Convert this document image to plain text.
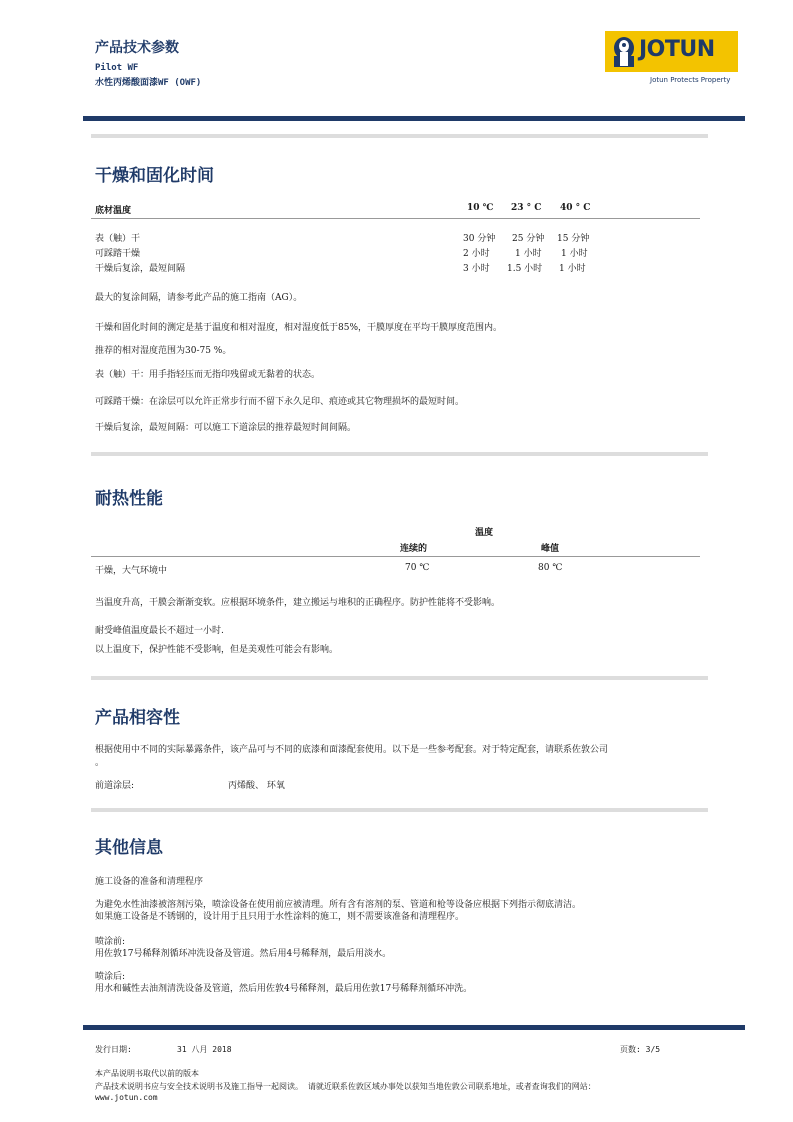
产品技术参数
Pilot WF
水性丙烯酸面漆WF (OWF)
JOTUN
Jotun Protects Property
干燥和固化时间
底材温度	10 ℃ 23 ° C 40 ° C
表（触）干	30 分钟 25 分钟 15 分钟
可踩踏干燥	2 小时	1 小时 1 小时
干燥后复涂，最短间隔	3 小时 1.5 小时 1 小时
最大的复涂间隔，请参考此产品的施工指南（AG）。
干燥和固化时间的测定是基于温度和相对湿度，相对湿度低于85%，干膜厚度在平均干膜厚度范围内。
推荐的相对湿度范围为30-75 %。
表（触）干：用手指轻压而无指印残留或无黏着的状态。
可踩踏干燥：在涂层可以允许正常步行而不留下永久足印、痕迹或其它物理损坏的最短时间。
干燥后复涂，最短间隔：可以施工下道涂层的推荐最短时间间隔。
耐热性能
温度
连续的	峰值
干燥，大气环境中	70 ℃	80 ℃
当温度升高，干膜会渐渐变软。应根据环境条件，建立搬运与堆积的正确程序。防护性能将不受影响。
耐受峰值温度最长不超过一小时.
以上温度下，保护性能不受影响，但是美观性可能会有影响。
产品相容性
根据使用中不同的实际暴露条件，该产品可与不同的底漆和面漆配套使用。以下是一些参考配套。对于特定配套，请联系佐敦公司
。
前道涂层:	丙烯酸、 环氧
其他信息
施工设备的准备和清理程序
为避免水性油漆被溶剂污染，喷涂设备在使用前应被清理。所有含有溶剂的泵、管道和枪等设备应根据下列指示彻底清洁。
如果施工设备是不锈钢的，设计用于且只用于水性涂料的施工，则不需要该准备和清理程序。
喷涂前:
用佐敦17号稀释剂循环冲洗设备及管道。然后用4号稀释剂，最后用淡水。
喷涂后:
用水和碱性去油剂清洗设备及管道，然后用佐敦4号稀释剂，最后用佐敦17号稀释剂循环冲洗。
发行日期:	31 八月 2018	页数: 3/5
本产品说明书取代以前的版本
产品技术说明书应与安全技术说明书及施工指导一起阅读。 请就近联系佐敦区域办事处以获知当地佐敦公司联系地址，或者查询我们的网站：
www.jotun.com
